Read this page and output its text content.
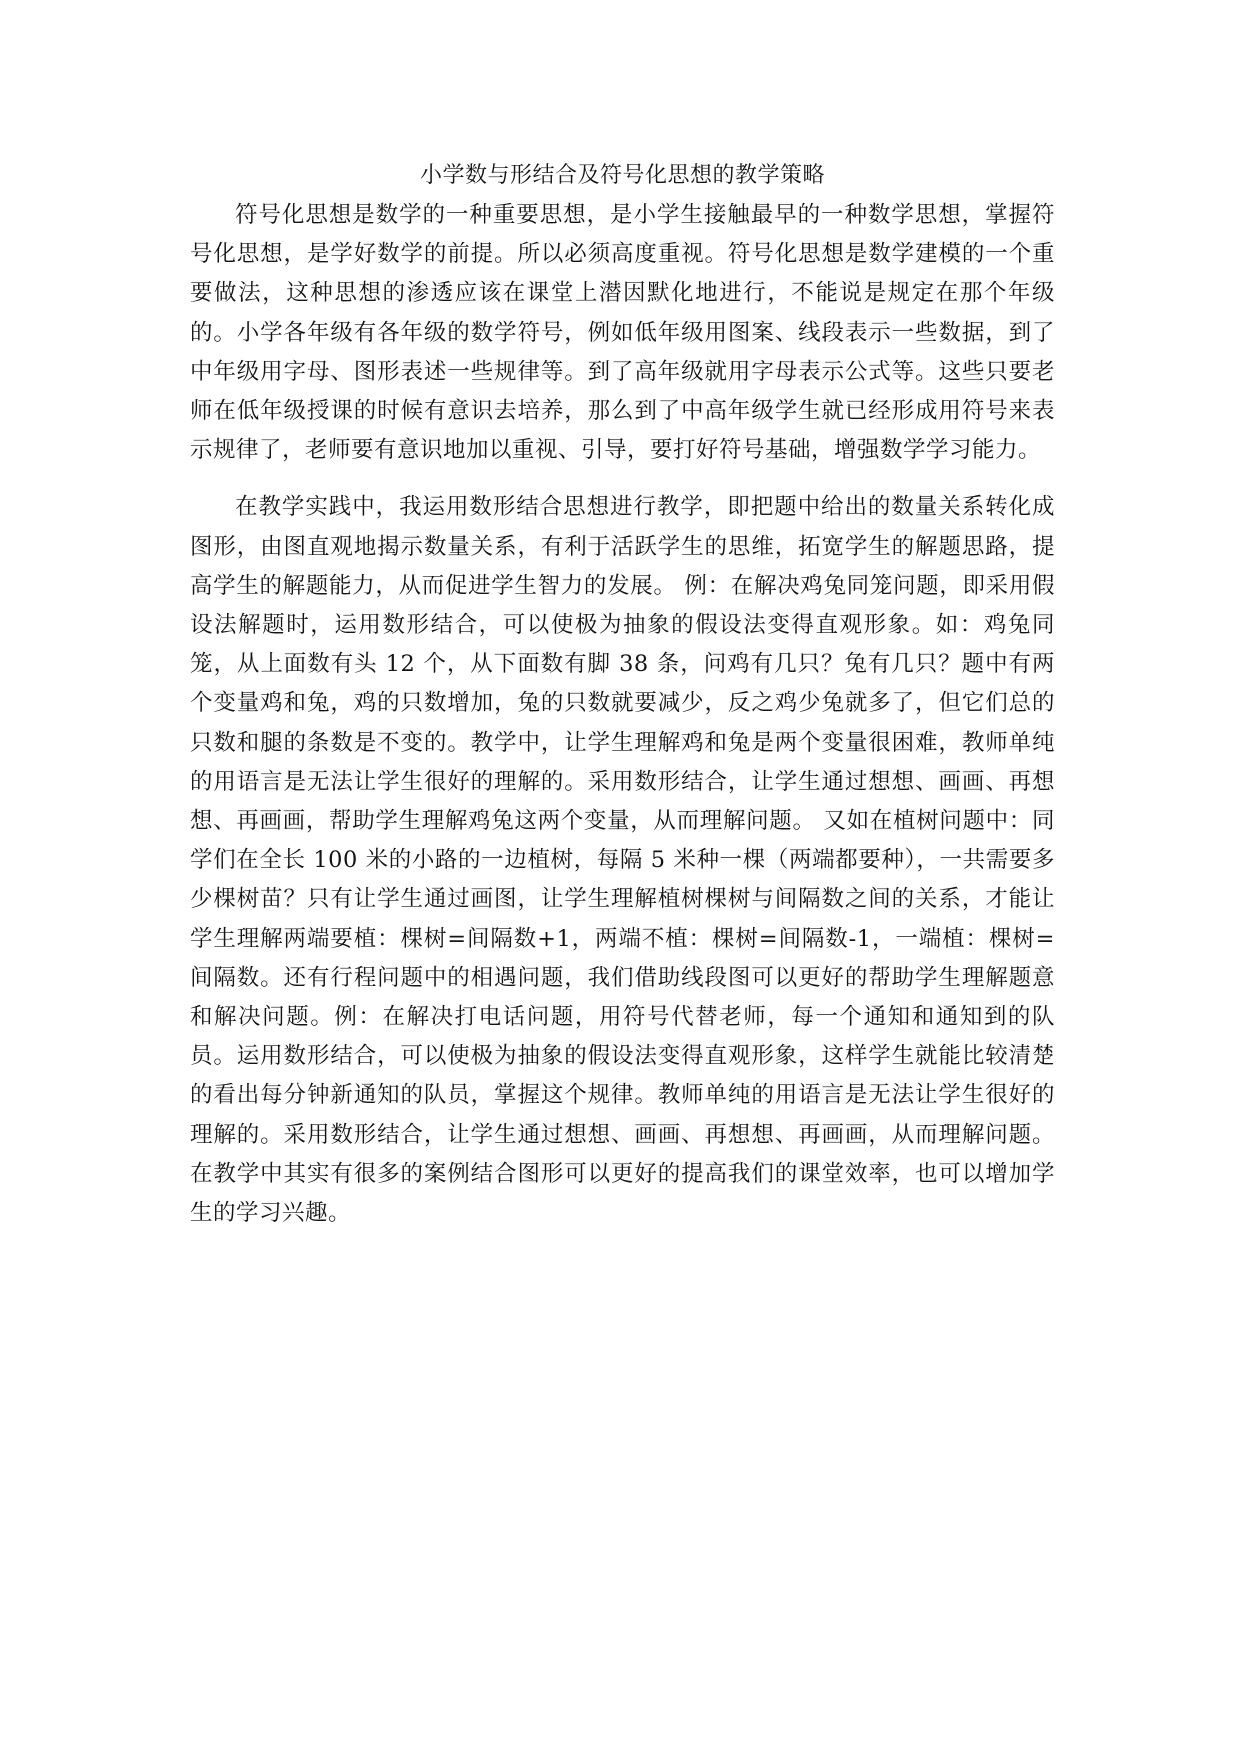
小学数与形结合及符号化思想的教学策略

符号化思想是数学的一种重要思想，是小学生接触最早的一种数学思想，掌握符号化思想，是学好数学的前提。所以必须高度重视。符号化思想是数学建模的一个重要做法，这种思想的渗透应该在课堂上潜因默化地进行，不能说是规定在那个年级的。小学各年级有各年级的数学符号，例如低年级用图案、线段表示一些数据，到了中年级用字母、图形表述一些规律等。到了高年级就用字母表示公式等。这些只要老师在低年级授课的时候有意识去培养，那么到了中高年级学生就已经形成用符号来表示规律了，老师要有意识地加以重视、引导，要打好符号基础，增强数学学习能力。

在教学实践中，我运用数形结合思想进行教学，即把题中给出的数量关系转化成图形，由图直观地揭示数量关系，有利于活跃学生的思维，拓宽学生的解题思路，提高学生的解题能力，从而促进学生智力的发展。 例：在解决鸡兔同笼问题，即采用假设法解题时，运用数形结合，可以使极为抽象的假设法变得直观形象。如：鸡兔同笼，从上面数有头 12 个，从下面数有脚 38 条，问鸡有几只？兔有几只？题中有两个变量鸡和兔，鸡的只数增加，兔的只数就要减少，反之鸡少兔就多了，但它们总的只数和腿的条数是不变的。教学中，让学生理解鸡和兔是两个变量很困难，教师单纯的用语言是无法让学生很好的理解的。采用数形结合，让学生通过想想、画画、再想想、再画画，帮助学生理解鸡兔这两个变量，从而理解问题。 又如在植树问题中：同学们在全长 100 米的小路的一边植树，每隔 5 米种一棵（两端都要种），一共需要多少棵树苗？只有让学生通过画图，让学生理解植树棵树与间隔数之间的关系，才能让学生理解两端要植：棵树=间隔数+1，两端不植：棵树=间隔数-1，一端植：棵树=间隔数。还有行程问题中的相遇问题，我们借助线段图可以更好的帮助学生理解题意和解决问题。例：在解决打电话问题，用符号代替老师，每一个通知和通知到的队员。运用数形结合，可以使极为抽象的假设法变得直观形象，这样学生就能比较清楚的看出每分钟新通知的队员，掌握这个规律。教师单纯的用语言是无法让学生很好的理解的。采用数形结合，让学生通过想想、画画、再想想、再画画，从而理解问题。在教学中其实有很多的案例结合图形可以更好的提高我们的课堂效率，也可以增加学生的学习兴趣。
